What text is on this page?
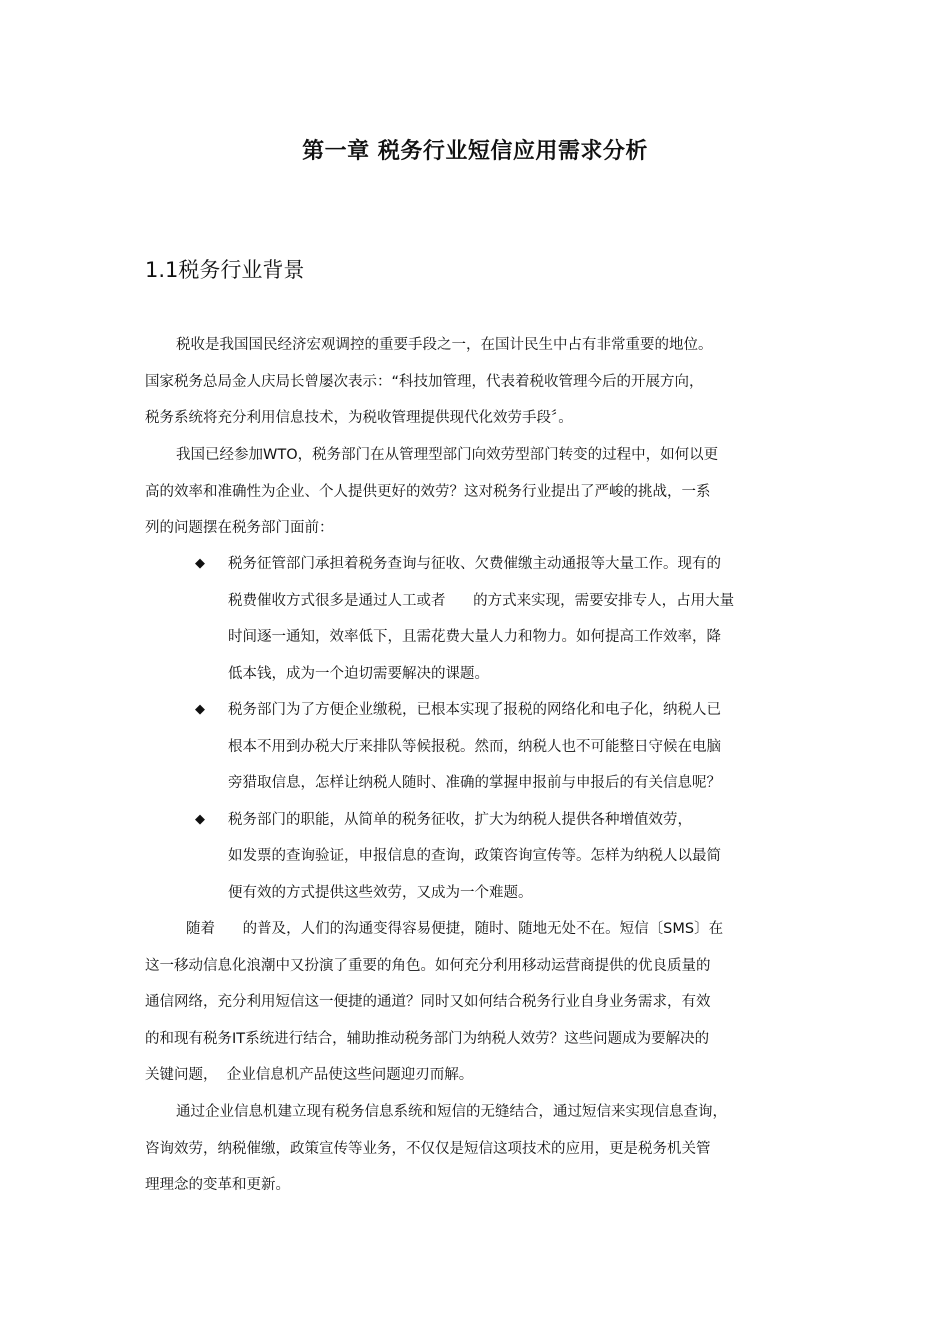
第一章 税务行业短信应用需求分析
1.1税务行业背景
税收是我国国民经济宏观调控的重要手段之一，在国计民生中占有非常重要的地位。
国家税务总局金人庆局长曾屡次表示：“科技加管理，代表着税收管理今后的开展方向，
税务系统将充分利用信息技术，为税收管理提供现代化效劳手段〞。
我国已经参加WTO，税务部门在从管理型部门向效劳型部门转变的过程中，如何以更
高的效率和准确性为企业、个人提供更好的效劳？这对税务行业提出了严峻的挑战，一系
列的问题摆在税务部门面前：
◆ 税务征管部门承担着税务查询与征收、欠费催缴主动通报等大量工作。现有的
税费催收方式很多是通过人工或者      的方式来实现，需要安排专人，占用大量
时间逐一通知，效率低下，且需花费大量人力和物力。如何提高工作效率，降
低本钱，成为一个迫切需要解决的课题。
◆ 税务部门为了方便企业缴税，已根本实现了报税的网络化和电子化，纳税人已
根本不用到办税大厅来排队等候报税。然而，纳税人也不可能整日守候在电脑
旁猎取信息，怎样让纳税人随时、准确的掌握申报前与申报后的有关信息呢？
◆ 税务部门的职能，从简单的税务征收，扩大为纳税人提供各种增值效劳，
如发票的查询验证，申报信息的查询，政策咨询宣传等。怎样为纳税人以最简
便有效的方式提供这些效劳，又成为一个难题。
随着      的普及，人们的沟通变得容易便捷，随时、随地无处不在。短信〔SMS〕在
这一移动信息化浪潮中又扮演了重要的角色。如何充分利用移动运营商提供的优良质量的
通信网络，充分利用短信这一便捷的通道？同时又如何结合税务行业自身业务需求，有效
的和现有税务IT系统进行结合，辅助推动税务部门为纳税人效劳？这些问题成为要解决的
关键问题，  企业信息机产品使这些问题迎刃而解。
通过企业信息机建立现有税务信息系统和短信的无缝结合，通过短信来实现信息查询，
咨询效劳，纳税催缴，政策宣传等业务，不仅仅是短信这项技术的应用，更是税务机关管
理理念的变革和更新。
